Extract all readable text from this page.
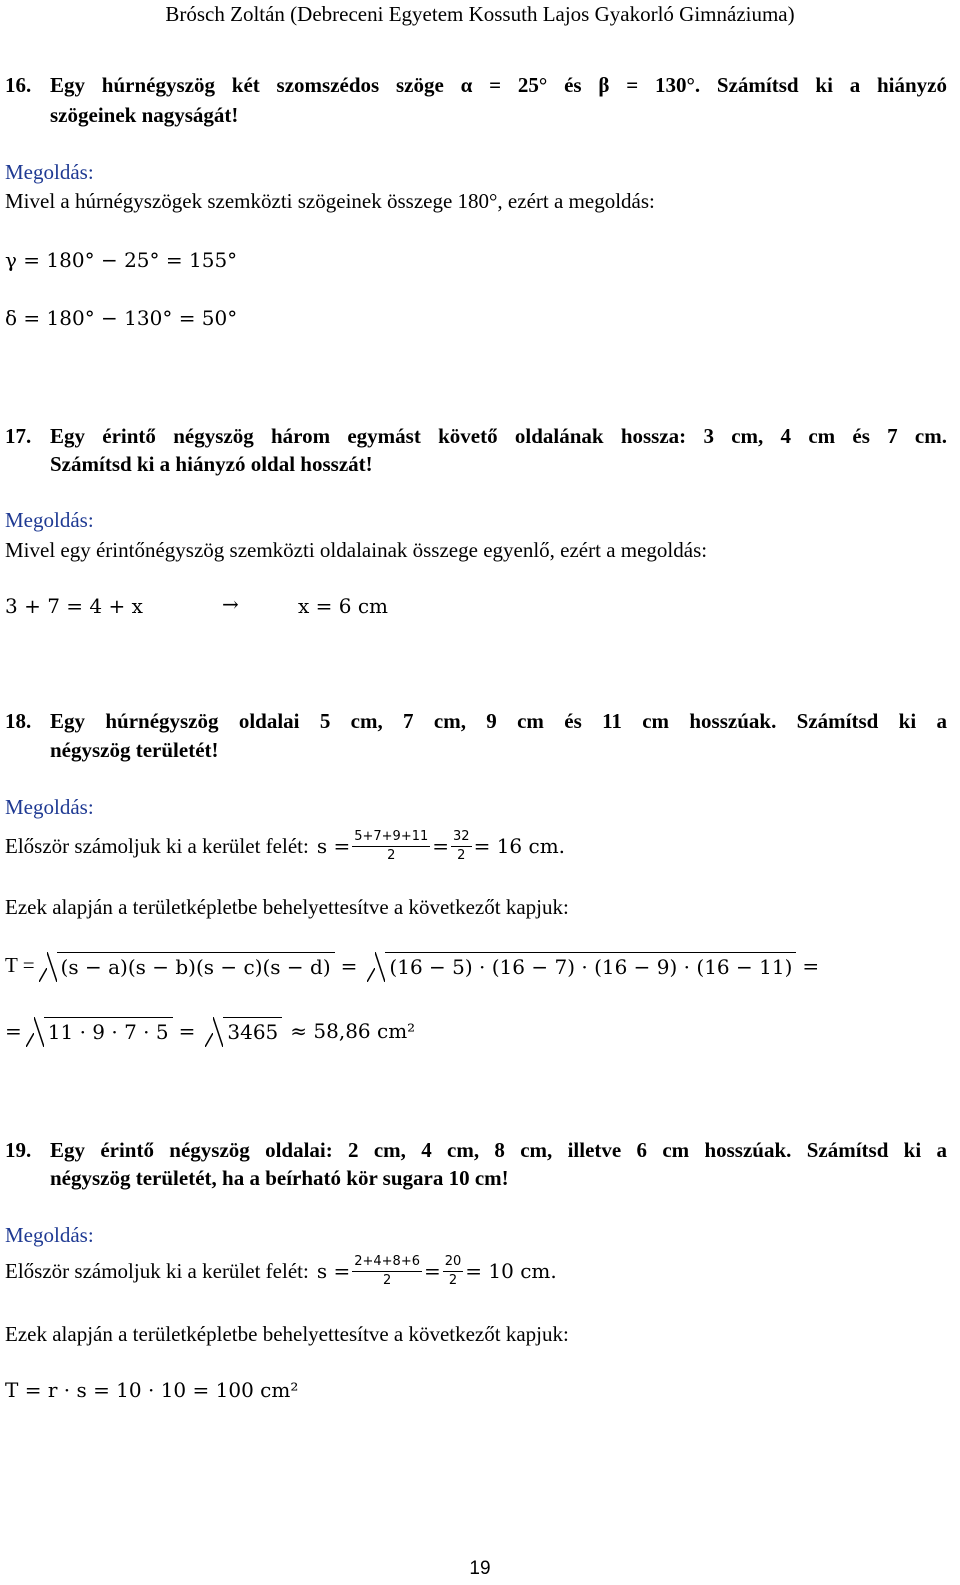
Brósch Zoltán (Debreceni Egyetem Kossuth Lajos Gyakorló Gimnáziuma)
16. Egy húrnégyszög két szomszédos szöge α = 25° és β = 130°. Számítsd ki a hiányzó
szögeinek nagyságát!
Megoldás:
Mivel a húrnégyszögek szemközti szögeinek összege 180°, ezért a megoldás:
γ = 180° − 25° = 155°
δ = 180° − 130° = 50°
17. Egy érintő négyszög három egymást követő oldalának hossza: 3 cm, 4 cm és 7 cm.
Számítsd ki a hiányzó oldal hosszát!
Megoldás:
Mivel egy érintőnégyszög szemközti oldalainak összege egyenlő, ezért a megoldás:
3 + 7 = 4 + x	→	x = 6 cm
18. Egy húrnégyszög oldalai 5 cm, 7 cm, 9 cm és 11 cm hosszúak. Számítsd ki a
négyszög területét!
Megoldás:
Először számoljuk ki a kerület felét: $s = \frac{5+7+9+11}{2} = \frac{32}{2} = 16$ cm.
Ezek alapján a területképletbe behelyettesítve a következőt kapjuk:
T = (s − a)(s − b)(s − c)(s − d) = (16 − 5) · (16 − 7) · (16 − 9) · (16 − 11) =
= 11 · 9 · 7 · 5 = 3465 ≈ 58,86 cm²
19. Egy érintő négyszög oldalai: 2 cm, 4 cm, 8 cm, illetve 6 cm hosszúak. Számítsd ki a
négyszög területét, ha a beírható kör sugara 10 cm!
Megoldás:
Először számoljuk ki a kerület felét: $s = \frac{2+4+8+6}{2} = \frac{20}{2} = 10$ cm.
Ezek alapján a területképletbe behelyettesítve a következőt kapjuk:
T = r · s = 10 · 10 = 100 cm²
19
